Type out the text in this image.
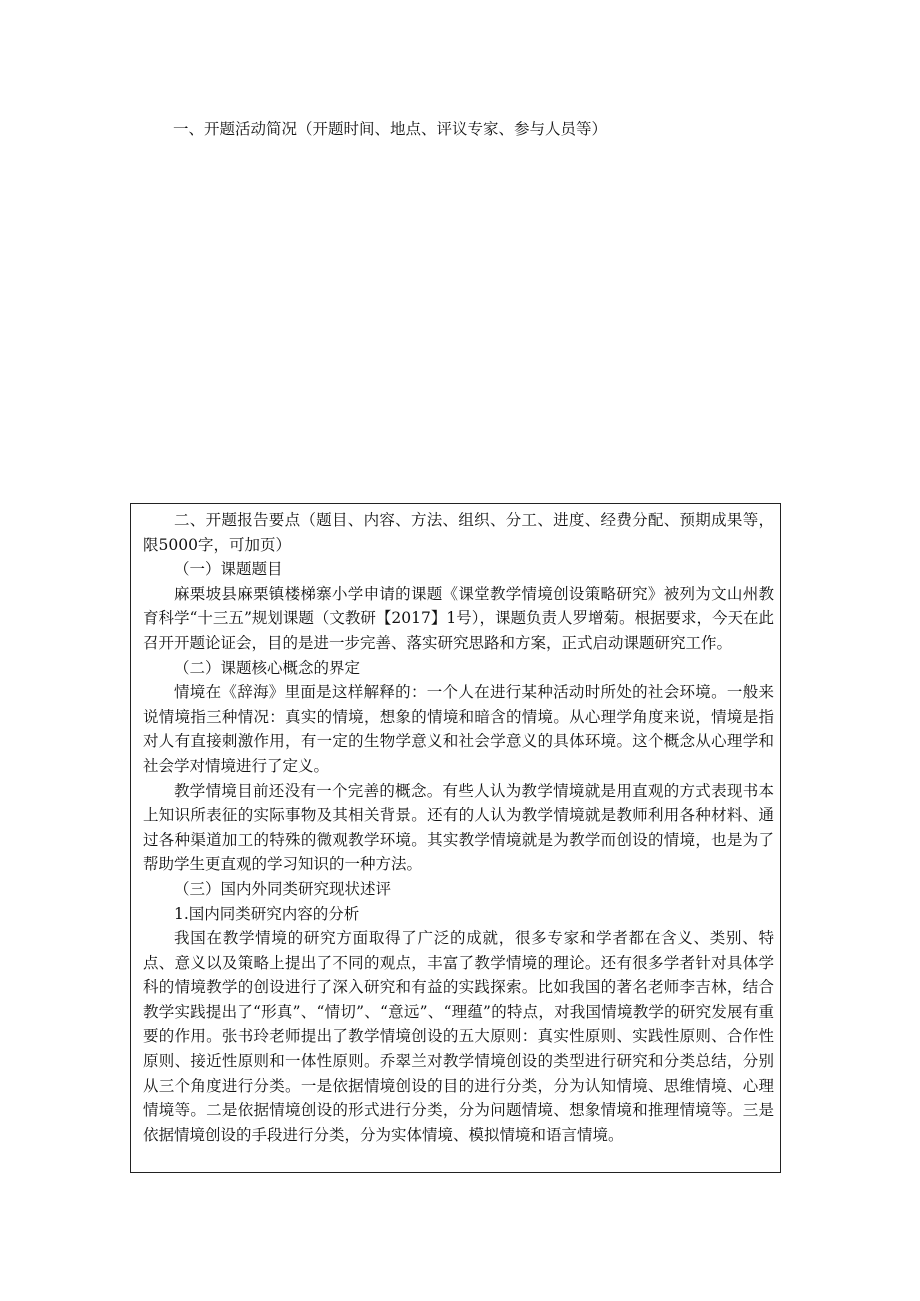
一、开题活动简况（开题时间、地点、评议专家、参与人员等）

二、开题报告要点（题目、内容、方法、组织、分工、进度、经费分配、预期成果等，限5000字，可加页）

（一）课题题目

麻栗坡县麻栗镇楼梯寨小学申请的课题《课堂教学情境创设策略研究》被列为文山州教育科学“十三五”规划课题（文教研【2017】1号），课题负责人罗增菊。根据要求，今天在此召开开题论证会，目的是进一步完善、落实研究思路和方案，正式启动课题研究工作。

（二）课题核心概念的界定

情境在《辞海》里面是这样解释的：一个人在进行某种活动时所处的社会环境。一般来说情境指三种情况：真实的情境，想象的情境和暗含的情境。从心理学角度来说，情境是指对人有直接刺激作用，有一定的生物学意义和社会学意义的具体环境。这个概念从心理学和社会学对情境进行了定义。

教学情境目前还没有一个完善的概念。有些人认为教学情境就是用直观的方式表现书本上知识所表征的实际事物及其相关背景。还有的人认为教学情境就是教师利用各种材料、通过各种渠道加工的特殊的微观教学环境。其实教学情境就是为教学而创设的情境，也是为了帮助学生更直观的学习知识的一种方法。

（三）国内外同类研究现状述评

1.国内同类研究内容的分析

我国在教学情境的研究方面取得了广泛的成就，很多专家和学者都在含义、类别、特点、意义以及策略上提出了不同的观点，丰富了教学情境的理论。还有很多学者针对具体学科的情境教学的创设进行了深入研究和有益的实践探索。比如我国的著名老师李吉林，结合教学实践提出了“形真”、“情切”、“意远”、“理蕴”的特点，对我国情境教学的研究发展有重要的作用。张书玲老师提出了教学情境创设的五大原则：真实性原则、实践性原则、合作性原则、接近性原则和一体性原则。乔翠兰对教学情境创设的类型进行研究和分类总结，分别从三个角度进行分类。一是依据情境创设的目的进行分类，分为认知情境、思维情境、心理情境等。二是依据情境创设的形式进行分类，分为问题情境、想象情境和推理情境等。三是依据情境创设的手段进行分类，分为实体情境、模拟情境和语言情境。
